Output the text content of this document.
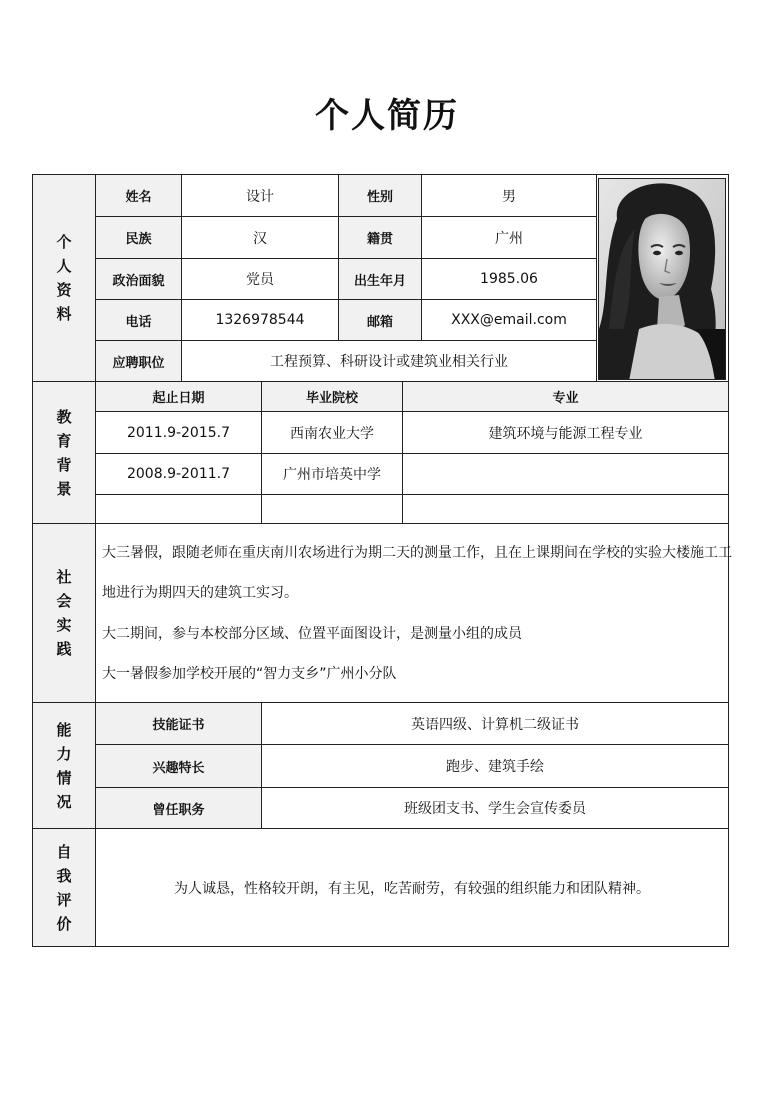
个人简历
个人资料
姓名	设计	性别	男
民族	汉	籍贯	广州
政治面貌	党员	出生年月	1985.06
电话	1326978544	邮箱	XXX@email.com
应聘职位	工程预算、科研设计或建筑业相关行业
教育背景
起止日期	毕业院校	专业
2011.9-2015.7	西南农业大学	建筑环境与能源工程专业
2008.9-2011.7	广州市培英中学
社会实践
大三暑假，跟随老师在重庆南川农场进行为期二天的测量工作，且在上课期间在学校的实验大楼施工工
地进行为期四天的建筑工实习。
大二期间，参与本校部分区域、位置平面图设计，是测量小组的成员
大一暑假参加学校开展的“智力支乡”广州小分队
能力情况
技能证书	英语四级、计算机二级证书
兴趣特长	跑步、建筑手绘
曾任职务	班级团支书、学生会宣传委员
自我评价
为人诚恳，性格较开朗，有主见，吃苦耐劳，有较强的组织能力和团队精神。
